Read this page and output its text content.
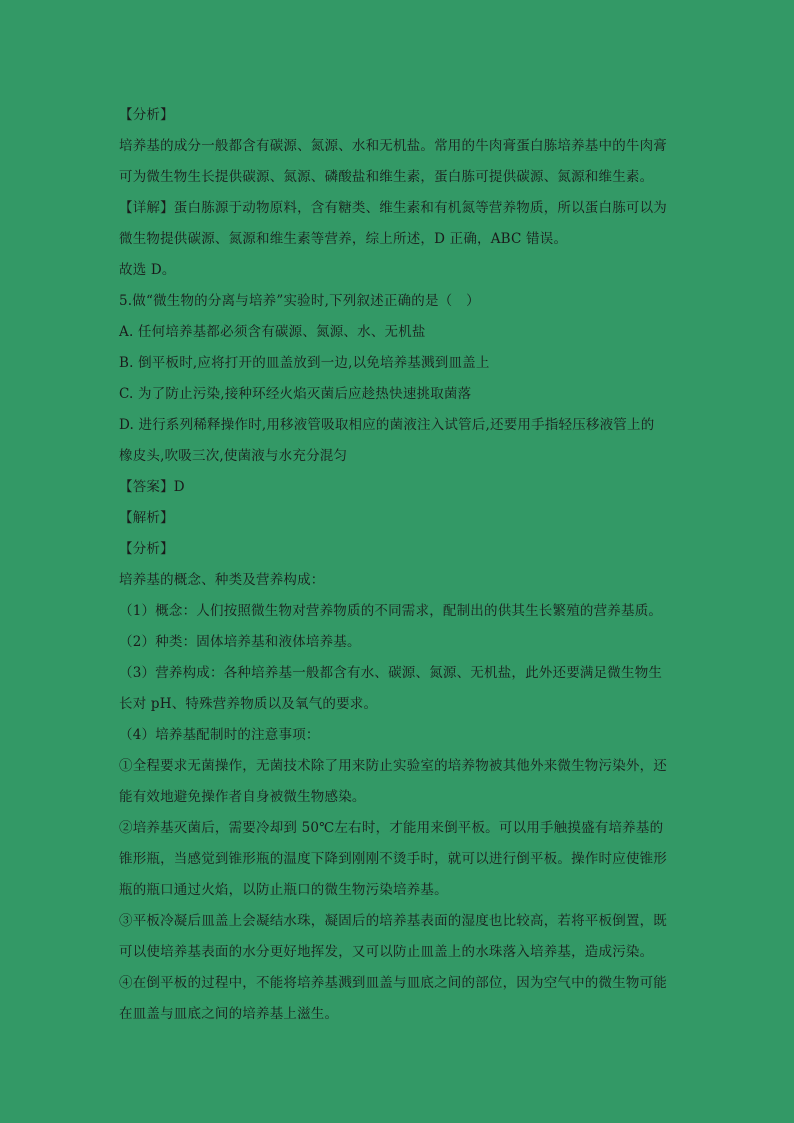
【分析】
培养基的成分一般都含有碳源、氮源、水和无机盐。常用的牛肉膏蛋白胨培养基中的牛肉膏
可为微生物生长提供碳源、氮源、磷酸盐和维生素，蛋白胨可提供碳源、氮源和维生素。
【详解】蛋白胨源于动物原料，含有糖类、维生素和有机氮等营养物质，所以蛋白胨可以为
微生物提供碳源、氮源和维生素等营养，综上所述，D 正确，ABC 错误。
故选 D。
5.做“微生物的分离与培养”实验时,下列叙述正确的是（　）
A. 任何培养基都必须含有碳源、氮源、水、无机盐
B. 倒平板时,应将打开的皿盖放到一边,以免培养基溅到皿盖上
C. 为了防止污染,接种环经火焰灭菌后应趁热快速挑取菌落
D. 进行系列稀释操作时,用移液管吸取相应的菌液注入试管后,还要用手指轻压移液管上的
橡皮头,吹吸三次,使菌液与水充分混匀
【答案】D
【解析】
【分析】
培养基的概念、种类及营养构成：
（1）概念：人们按照微生物对营养物质的不同需求，配制出的供其生长繁殖的营养基质。
（2）种类：固体培养基和液体培养基。
（3）营养构成：各种培养基一般都含有水、碳源、氮源、无机盐，此外还要满足微生物生
长对 pH、特殊营养物质以及氧气的要求。
（4）培养基配制时的注意事项：
①全程要求无菌操作，无菌技术除了用来防止实验室的培养物被其他外来微生物污染外，还
能有效地避免操作者自身被微生物感染。
②培养基灭菌后，需要冷却到 50℃左右时，才能用来倒平板。可以用手触摸盛有培养基的
锥形瓶，当感觉到锥形瓶的温度下降到刚刚不烫手时，就可以进行倒平板。操作时应使锥形
瓶的瓶口通过火焰，以防止瓶口的微生物污染培养基。
③平板冷凝后皿盖上会凝结水珠，凝固后的培养基表面的湿度也比较高，若将平板倒置，既
可以使培养基表面的水分更好地挥发，又可以防止皿盖上的水珠落入培养基，造成污染。
④在倒平板的过程中，不能将培养基溅到皿盖与皿底之间的部位，因为空气中的微生物可能
在皿盖与皿底之间的培养基上滋生。
